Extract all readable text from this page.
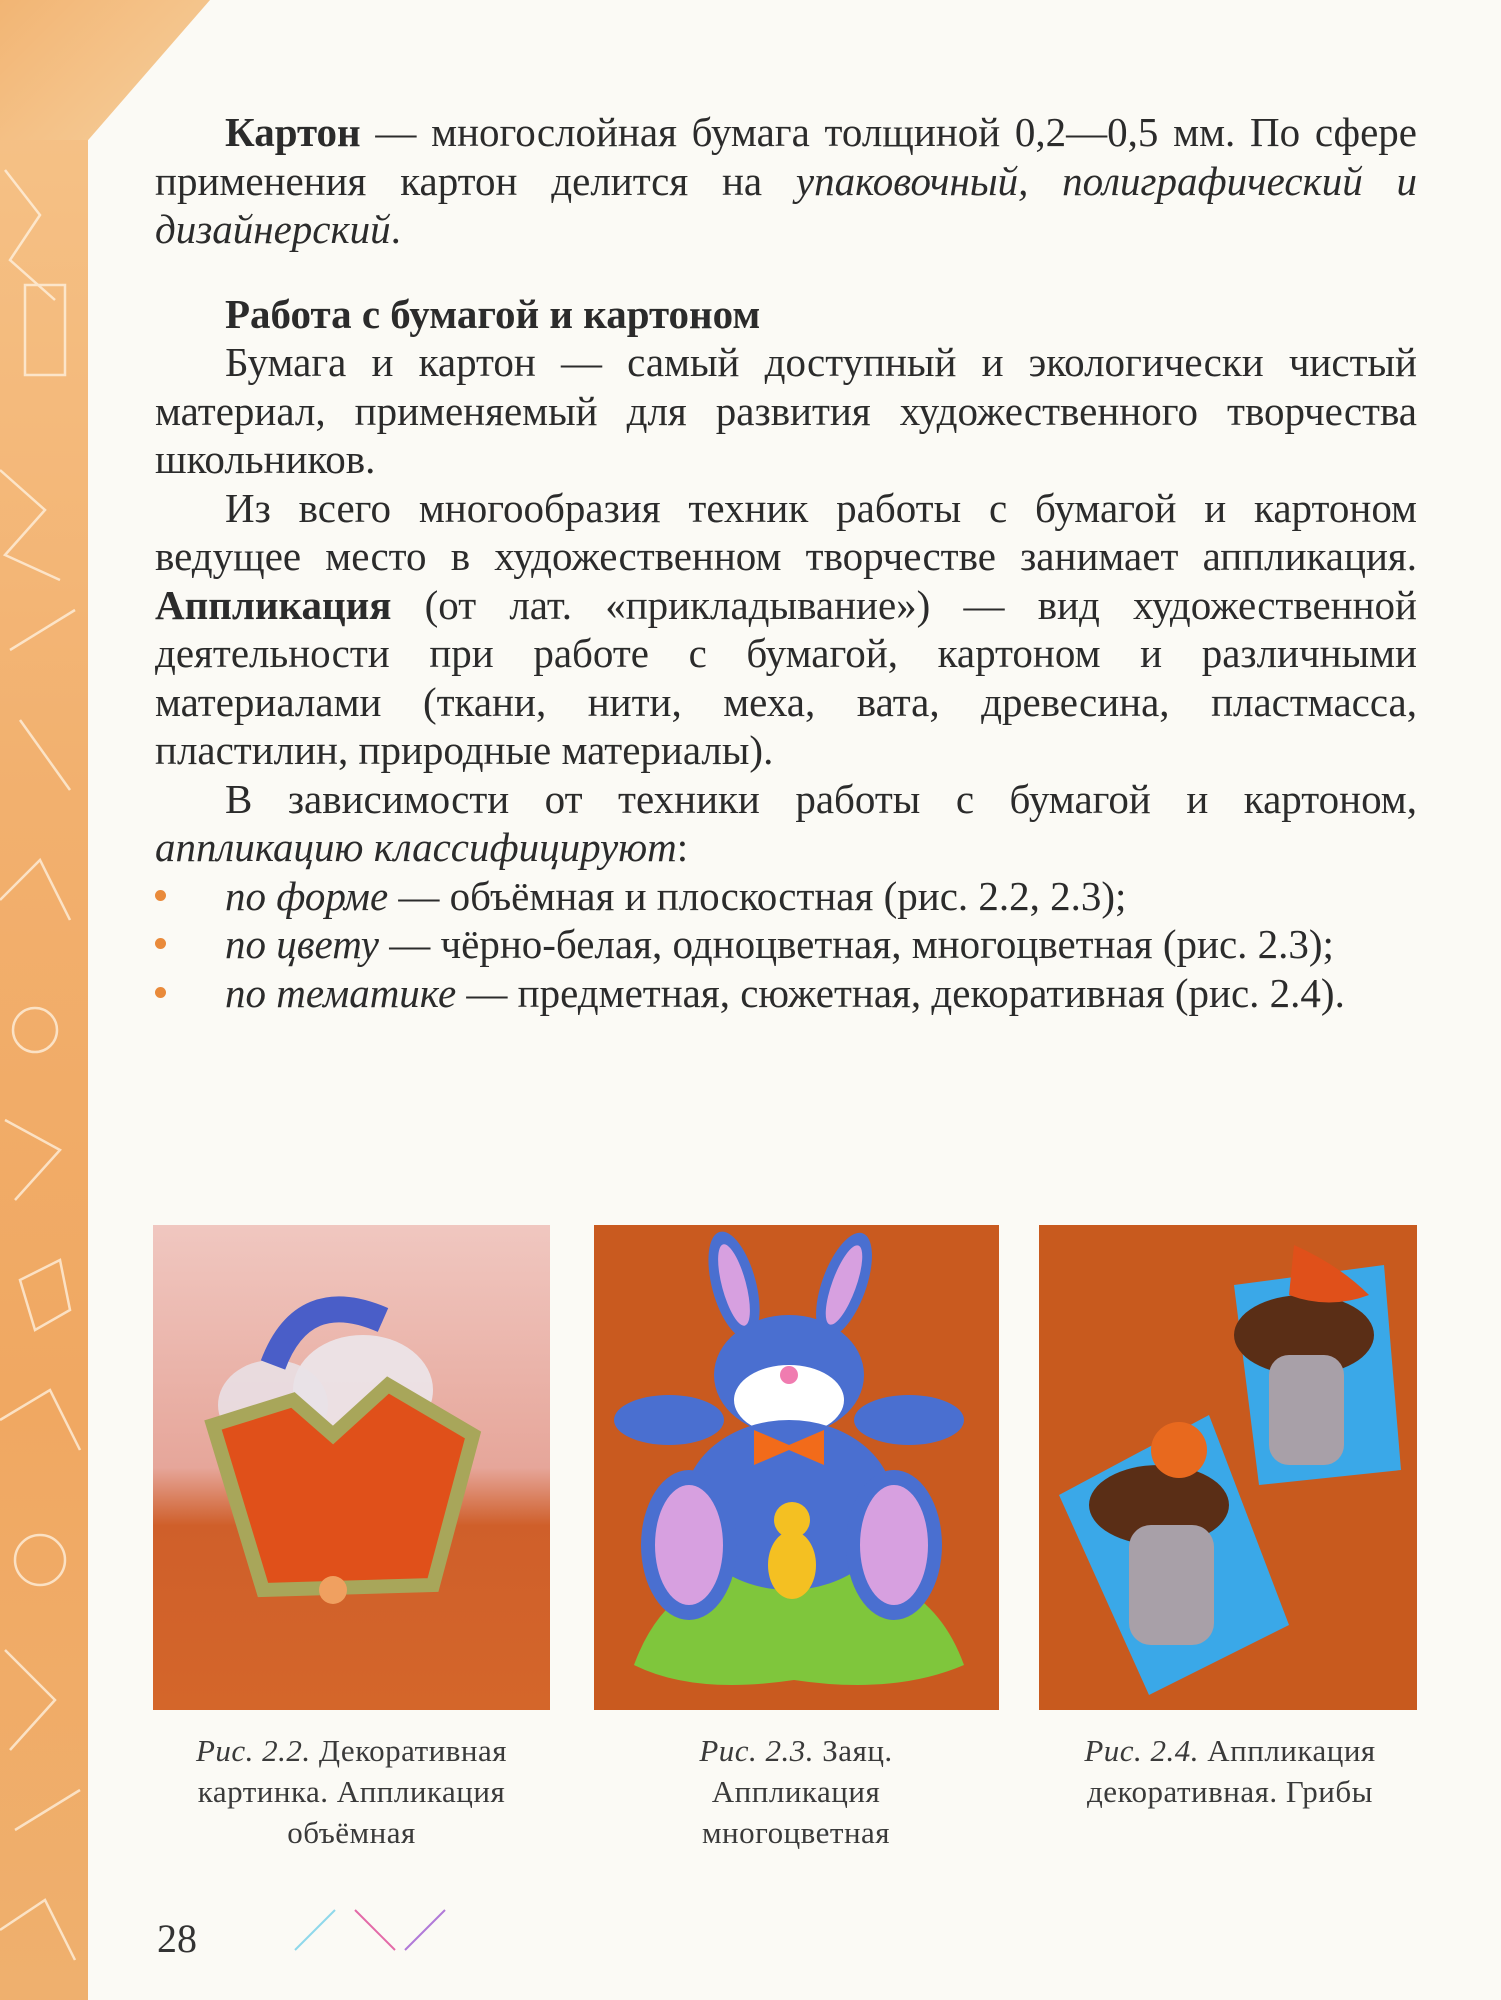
Картон — многослойная бумага толщиной 0,2—0,5 мм. По сфере применения картон делится на упаковочный, полиграфический и дизайнерский.

Работа с бумагой и картоном

Бумага и картон — самый доступный и экологически чистый материал, применяемый для развития художественного творчества школьников.

Из всего многообразия техник работы с бумагой и картоном ведущее место в художественном творчестве занимает аппликация. Аппликация (от лат. «прикладывание») — вид художественной деятельности при работе с бумагой, картоном и различными материалами (ткани, нити, меха, вата, древесина, пластмасса, пластилин, природные материалы).

В зависимости от техники работы с бумагой и картоном, аппликацию классифицируют:

по форме — объёмная и плоскостная (рис. 2.2, 2.3);
по цвету — чёрно-белая, одноцветная, многоцветная (рис. 2.3);
по тематике — предметная, сюжетная, декоративная (рис. 2.4).
Рис. 2.2. Декоративная картинка. Аппликация объёмная
Рис. 2.3. Заяц. Аппликация многоцветная
Рис. 2.4. Аппликация декоративная. Грибы
28
